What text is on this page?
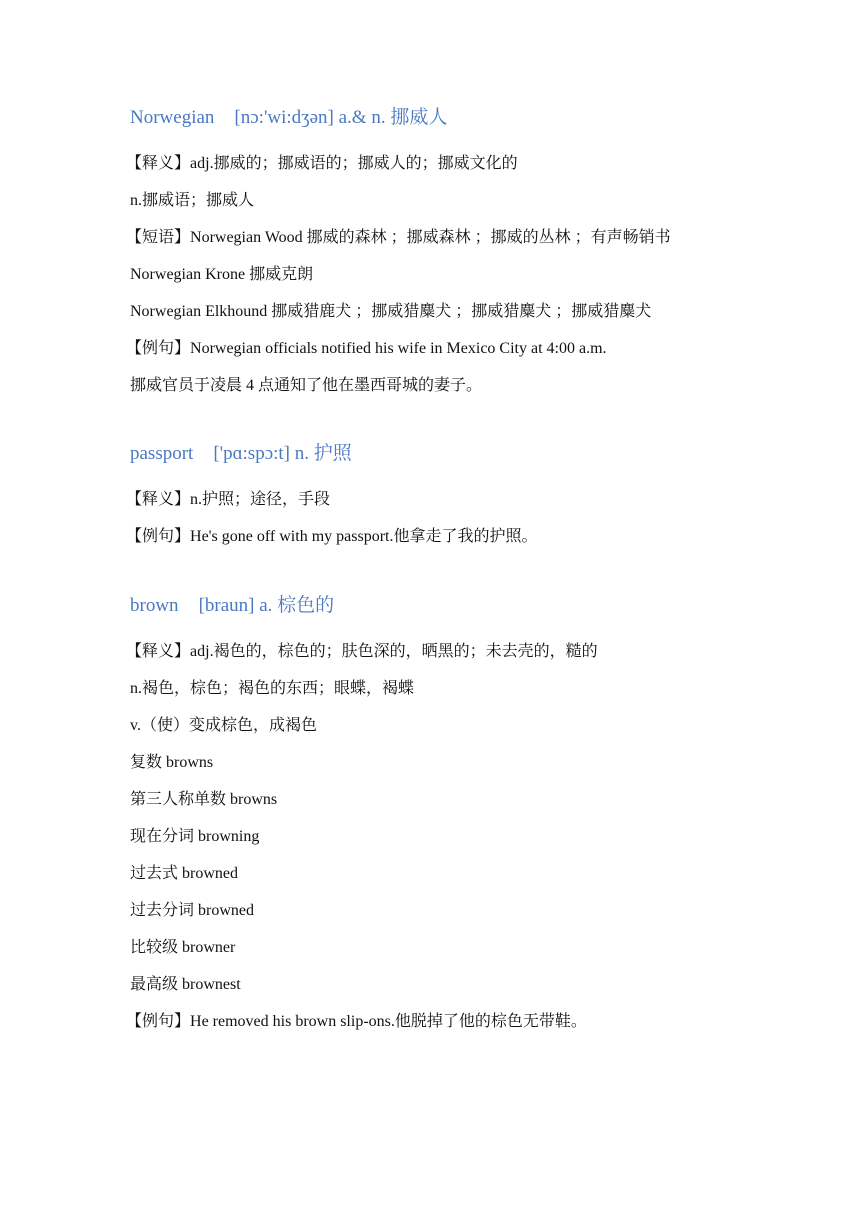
Norwegian [nɔ:'wi:dʒən] a.& n. 挪威人
【释义】adj.挪威的；挪威语的；挪威人的；挪威文化的
n.挪威语；挪威人
【短语】Norwegian Wood 挪威的森林 ；挪威森林 ；挪威的丛林 ；有声畅销书
Norwegian Krone 挪威克朗
Norwegian Elkhound 挪威猎鹿犬 ；挪威猎麋犬 ；挪威猎麋犬 ；挪威猎麋犬
【例句】Norwegian officials notified his wife in Mexico City at 4:00 a.m.
挪威官员于凌晨 4 点通知了他在墨西哥城的妻子。
passport ['pɑ:spɔ:t] n. 护照
【释义】n.护照；途径，手段
【例句】He's gone off with my passport.他拿走了我的护照。
brown [braun] a. 棕色的
【释义】adj.褐色的，棕色的；肤色深的，晒黑的；未去壳的，糙的
n.褐色，棕色；褐色的东西；眼蝶，褐蝶
v.（使）变成棕色，成褐色
复数 browns
第三人称单数 browns
现在分词 browning
过去式 browned
过去分词 browned
比较级 browner
最高级 brownest
【例句】He removed his brown slip-ons.他脱掉了他的棕色无带鞋。
